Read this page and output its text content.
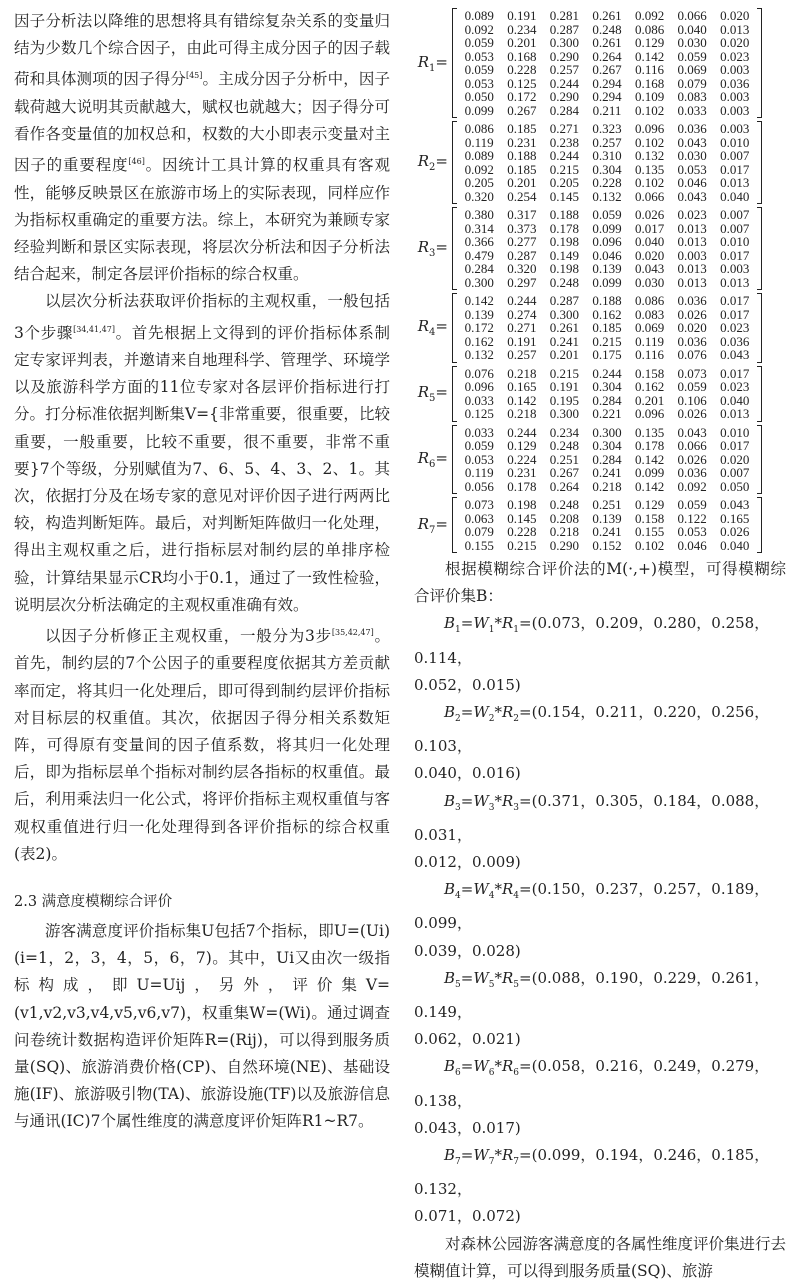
因子分析法以降维的思想将具有错综复杂关系的变量归结为少数几个综合因子，由此可得主成分因子的因子载荷和具体测项的因子得分[45]。主成分因子分析中，因子载荷越大说明其贡献越大，赋权也就越大；因子得分可看作各变量值的加权总和，权数的大小即表示变量对主因子的重要程度[46]。因统计工具计算的权重具有客观性，能够反映景区在旅游市场上的实际表现，同样应作为指标权重确定的重要方法。综上，本研究为兼顾专家经验判断和景区实际表现，将层次分析法和因子分析法结合起来，制定各层评价指标的综合权重。

以层次分析法获取评价指标的主观权重，一般包括3个步骤[34,41,47]。首先根据上文得到的评价指标体系制定专家评判表，并邀请来自地理科学、管理学、环境学以及旅游科学方面的11位专家对各层评价指标进行打分。打分标准依据判断集V={非常重要，很重要，比较重要，一般重要，比较不重要，很不重要，非常不重要}7个等级，分别赋值为7、6、5、4、3、2、1。其次，依据打分及在场专家的意见对评价因子进行两两比较，构造判断矩阵。最后，对判断矩阵做归一化处理，得出主观权重之后，进行指标层对制约层的单排序检验，计算结果显示CR均小于0.1，通过了一致性检验，说明层次分析法确定的主观权重准确有效。

以因子分析修正主观权重，一般分为3步[35,42,47]。首先，制约层的7个公因子的重要程度依据其方差贡献率而定，将其归一化处理后，即可得到制约层评价指标对目标层的权重值。其次，依据因子得分相关系数矩阵，可得原有变量间的因子值系数，将其归一化处理后，即为指标层单个指标对制约层各指标的权重值。最后，利用乘法归一化公式，将评价指标主观权重值与客观权重值进行归一化处理得到各评价指标的综合权重(表2)。

2.3 满意度模糊综合评价

游客满意度评价指标集U包括7个指标，即U=(Ui)(i=1，2，3，4，5，6，7)。其中，Ui又由次一级指标构成，即U=Uij，另外，评价集V=(v1,v2,v3,v4,v5,v6,v7)，权重集W=(Wi)。通过调查问卷统计数据构造评价矩阵R=(Rij)，可以得到服务质量(SQ)、旅游消费价格(CP)、自然环境(NE)、基础设施(IF)、旅游吸引物(TA)、旅游设施(TF)以及旅游信息与通讯(IC)7个属性维度的满意度评价矩阵R1~R7。

$R_1=$
0.089	0.191	0.281	0.261	0.092	0.066	0.020
0.092	0.234	0.287	0.248	0.086	0.040	0.013
0.059	0.201	0.300	0.261	0.129	0.030	0.020
0.053	0.168	0.290	0.264	0.142	0.059	0.023
0.059	0.228	0.257	0.267	0.116	0.069	0.003
0.053	0.125	0.244	0.294	0.168	0.079	0.036
0.050	0.172	0.290	0.294	0.109	0.083	0.003
0.099	0.267	0.284	0.211	0.102	0.033	0.003
$R_2=$
0.086	0.185	0.271	0.323	0.096	0.036	0.003
0.119	0.231	0.238	0.257	0.102	0.043	0.010
0.089	0.188	0.244	0.310	0.132	0.030	0.007
0.092	0.185	0.215	0.304	0.135	0.053	0.017
0.205	0.201	0.205	0.228	0.102	0.046	0.013
0.320	0.254	0.145	0.132	0.066	0.043	0.040
$R_3=$
0.380	0.317	0.188	0.059	0.026	0.023	0.007
0.314	0.373	0.178	0.099	0.017	0.013	0.007
0.366	0.277	0.198	0.096	0.040	0.013	0.010
0.479	0.287	0.149	0.046	0.020	0.003	0.017
0.284	0.320	0.198	0.139	0.043	0.013	0.003
0.300	0.297	0.248	0.099	0.030	0.013	0.013
$R_4=$
0.142	0.244	0.287	0.188	0.086	0.036	0.017
0.139	0.274	0.300	0.162	0.083	0.026	0.017
0.172	0.271	0.261	0.185	0.069	0.020	0.023
0.162	0.191	0.241	0.215	0.119	0.036	0.036
0.132	0.257	0.201	0.175	0.116	0.076	0.043
$R_5=$
0.076	0.218	0.215	0.244	0.158	0.073	0.017
0.096	0.165	0.191	0.304	0.162	0.059	0.023
0.033	0.142	0.195	0.284	0.201	0.106	0.040
0.125	0.218	0.300	0.221	0.096	0.026	0.013
$R_6=$
0.033	0.244	0.234	0.300	0.135	0.043	0.010
0.059	0.129	0.248	0.304	0.178	0.066	0.017
0.053	0.224	0.251	0.284	0.142	0.026	0.020
0.119	0.231	0.267	0.241	0.099	0.036	0.007
0.056	0.178	0.264	0.218	0.142	0.092	0.050
$R_7=$
0.073	0.198	0.248	0.251	0.129	0.059	0.043
0.063	0.145	0.208	0.139	0.158	0.122	0.165
0.079	0.228	0.218	0.241	0.155	0.053	0.026
0.155	0.215	0.290	0.152	0.102	0.046	0.040

根据模糊综合评价法的M(·,+)模型，可得模糊综合评价集B：

$B_1=W_1*R_1=(0.073$，0.209，0.280，0.258，0.114，
0.052，0.015)
$B_2=W_2*R_2=(0.154$，0.211，0.220，0.256，0.103，
0.040，0.016)
$B_3=W_3*R_3=(0.371$，0.305，0.184，0.088，0.031，
0.012，0.009)
$B_4=W_4*R_4=(0.150$，0.237，0.257，0.189，0.099，
0.039，0.028)
$B_5=W_5*R_5=(0.088$，0.190，0.229，0.261，0.149，
0.062，0.021)
$B_6=W_6*R_6=(0.058$，0.216，0.249，0.279，0.138，
0.043，0.017)
$B_7=W_7*R_7=(0.099$，0.194，0.246，0.185，0.132，
0.071，0.072)

对森林公园游客满意度的各属性维度评价集进行去模糊值计算，可以得到服务质量(SQ)、旅游
